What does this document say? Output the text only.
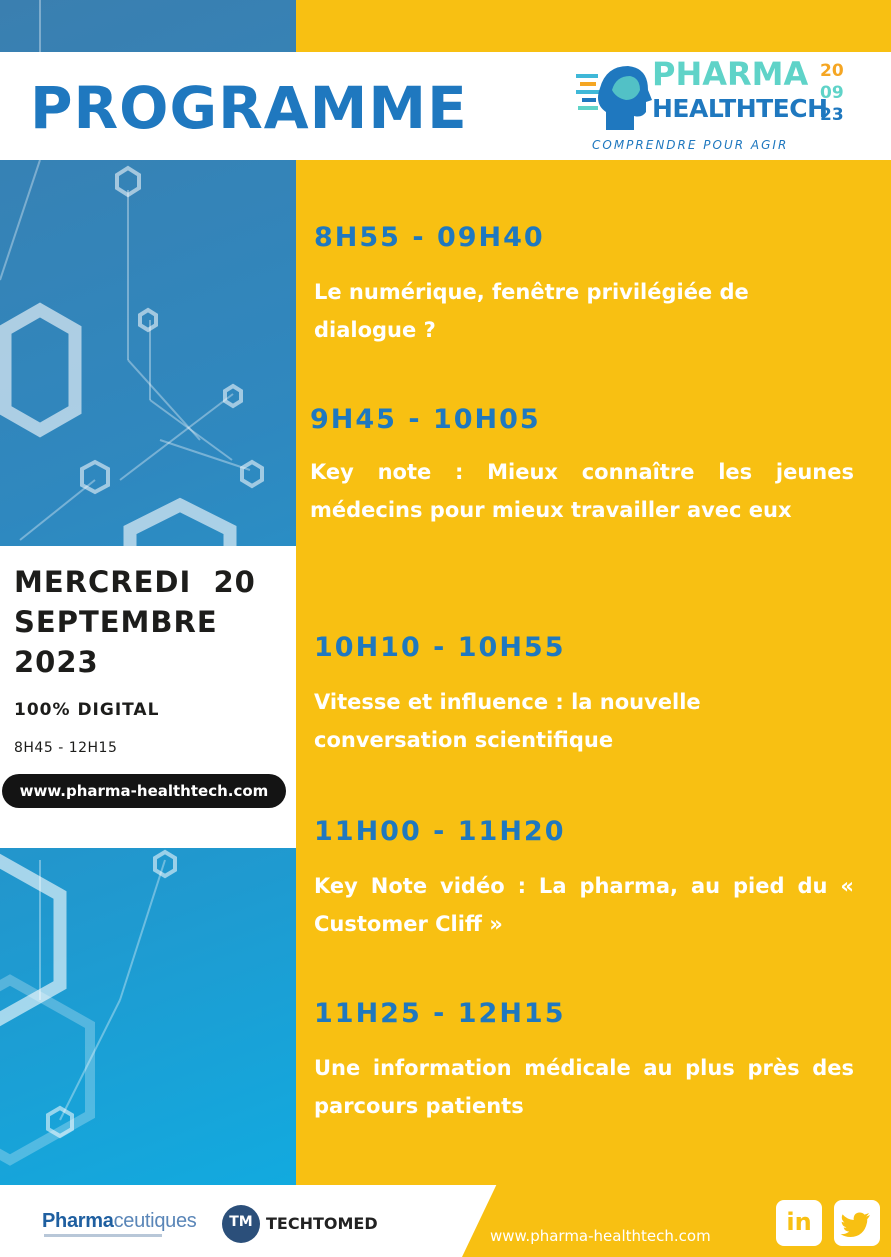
PROGRAMME	PHARMA
HEALTHTECH
20
09
23
COMPRENDRE POUR AGIR
MERCREDI  20
SEPTEMBRE
2023
100% DIGITAL
8H45 - 12H15
www.pharma-healthtech.com
8H55 - 09H40
Le numérique, fenêtre privilégiée de dialogue ?
9H45 - 10H05
Key note : Mieux connaître les jeunes médecins pour mieux travailler avec eux
10H10 - 10H55
Vitesse et influence : la nouvelle conversation scientifique
11H00 - 11H20
Key Note vidéo : La pharma, au pied du « Customer Cliff »
11H25 - 12H15
Une information médicale au plus près des parcours patients
Pharmaceutiques	TM TECHTOMED
www.pharma-healthtech.com	in
